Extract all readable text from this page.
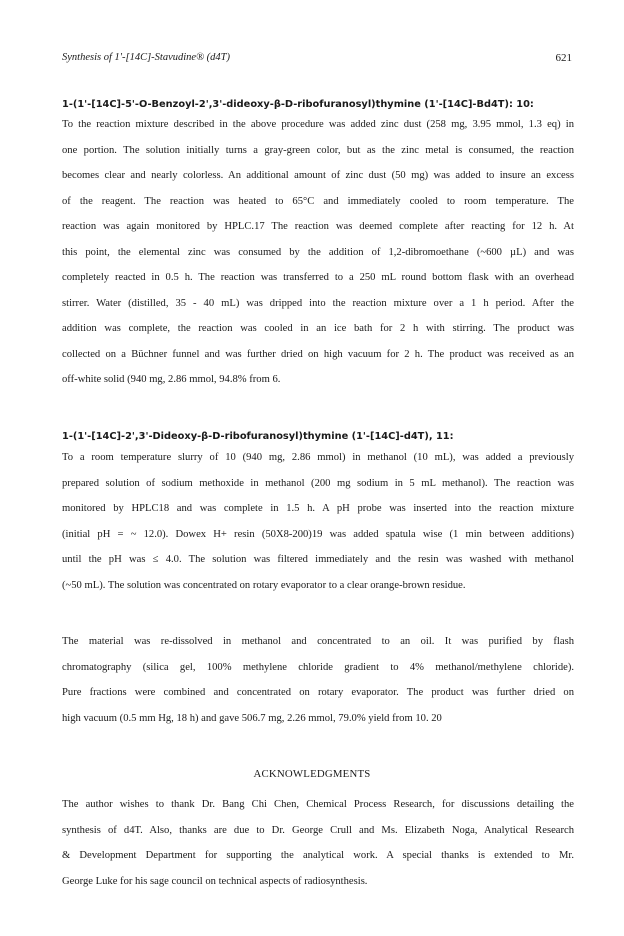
Synthesis of 1'-[14C]-Stavudine® (d4T)	621
1-(1'-[14C]-5'-O-Benzoyl-2',3'-dideoxy-β-D-ribofuranosyl)thymine (1'-[14C]-Bd4T): 10:
To the reaction mixture described in the above procedure was added zinc dust (258 mg, 3.95 mmol, 1.3 eq) in
one portion. The solution initially turns a gray-green color, but as the zinc metal is consumed, the reaction
becomes clear and nearly colorless. An additional amount of zinc dust (50 mg) was added to insure an excess
of the reagent. The reaction was heated to 65°C and immediately cooled to room temperature. The
reaction was again monitored by HPLC.17 The reaction was deemed complete after reacting for 12 h. At
this point, the elemental zinc was consumed by the addition of 1,2-dibromoethane (~600 µL) and was
completely reacted in 0.5 h. The reaction was transferred to a 250 mL round bottom flask with an overhead
stirrer. Water (distilled, 35 - 40 mL) was dripped into the reaction mixture over a 1 h period. After the
addition was complete, the reaction was cooled in an ice bath for 2 h with stirring. The product was
collected on a Büchner funnel and was further dried on high vacuum for 2 h. The product was received as an
off-white solid (940 mg, 2.86 mmol, 94.8% from 6.
1-(1'-[14C]-2',3'-Dideoxy-β-D-ribofuranosyl)thymine (1'-[14C]-d4T), 11:
To a room temperature slurry of 10 (940 mg, 2.86 mmol) in methanol (10 mL), was added a previously
prepared solution of sodium methoxide in methanol (200 mg sodium in 5 mL methanol). The reaction was
monitored by HPLC18 and was complete in 1.5 h. A pH probe was inserted into the reaction mixture
(initial pH = ~ 12.0). Dowex H+ resin (50X8-200)19 was added spatula wise (1 min between additions)
until the pH was ≤ 4.0. The solution was filtered immediately and the resin was washed with methanol
(~50 mL). The solution was concentrated on rotary evaporator to a clear orange-brown residue.
The material was re-dissolved in methanol and concentrated to an oil. It was purified by flash
chromatography (silica gel, 100% methylene chloride gradient to 4% methanol/methylene chloride).
Pure fractions were combined and concentrated on rotary evaporator. The product was further dried on
high vacuum (0.5 mm Hg, 18 h) and gave 506.7 mg, 2.26 mmol, 79.0% yield from 10. 20
ACKNOWLEDGMENTS
The author wishes to thank Dr. Bang Chi Chen, Chemical Process Research, for discussions detailing the
synthesis of d4T. Also, thanks are due to Dr. George Crull and Ms. Elizabeth Noga, Analytical Research
& Development Department for supporting the analytical work. A special thanks is extended to Mr.
George Luke for his sage council on technical aspects of radiosynthesis.
